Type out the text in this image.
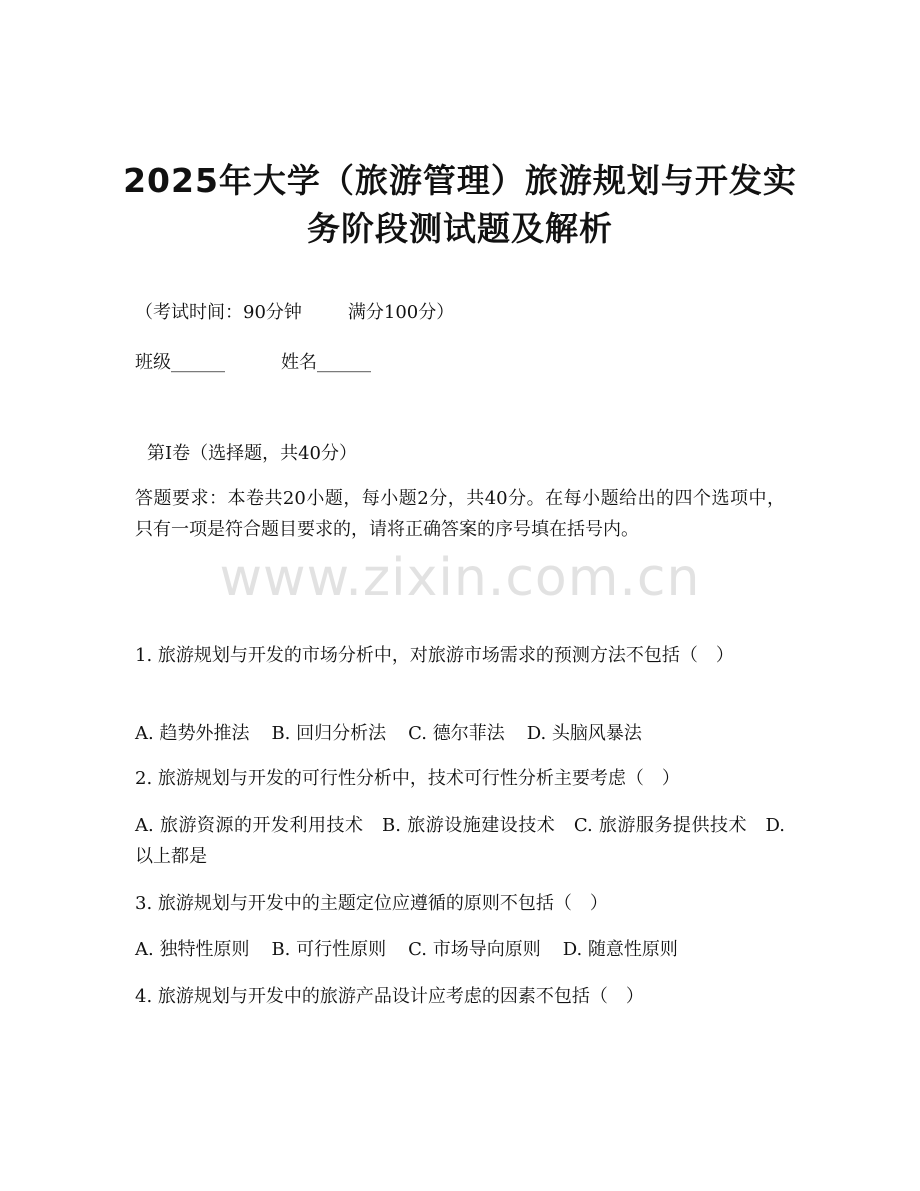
2025年大学（旅游管理）旅游规划与开发实
务阶段测试题及解析
（考试时间：90分钟	满分100分）
班级______	姓名______
第I卷（选择题，共40分）
答题要求：本卷共20小题，每小题2分，共40分。在每小题给出的四个选项中，只有一项是符合题目要求的，请将正确答案的序号填在括号内。
www.zixin.com.cn
1. 旅游规划与开发的市场分析中，对旅游市场需求的预测方法不包括（　）
A. 趋势外推法 B. 回归分析法 C. 德尔菲法 D. 头脑风暴法
2. 旅游规划与开发的可行性分析中，技术可行性分析主要考虑（　）
A. 旅游资源的开发利用技术　B. 旅游设施建设技术　C. 旅游服务提供技术　D. 以上都是
3. 旅游规划与开发中的主题定位应遵循的原则不包括（　）
A. 独特性原则 B. 可行性原则 C. 市场导向原则 D. 随意性原则
4. 旅游规划与开发中的旅游产品设计应考虑的因素不包括（　）
